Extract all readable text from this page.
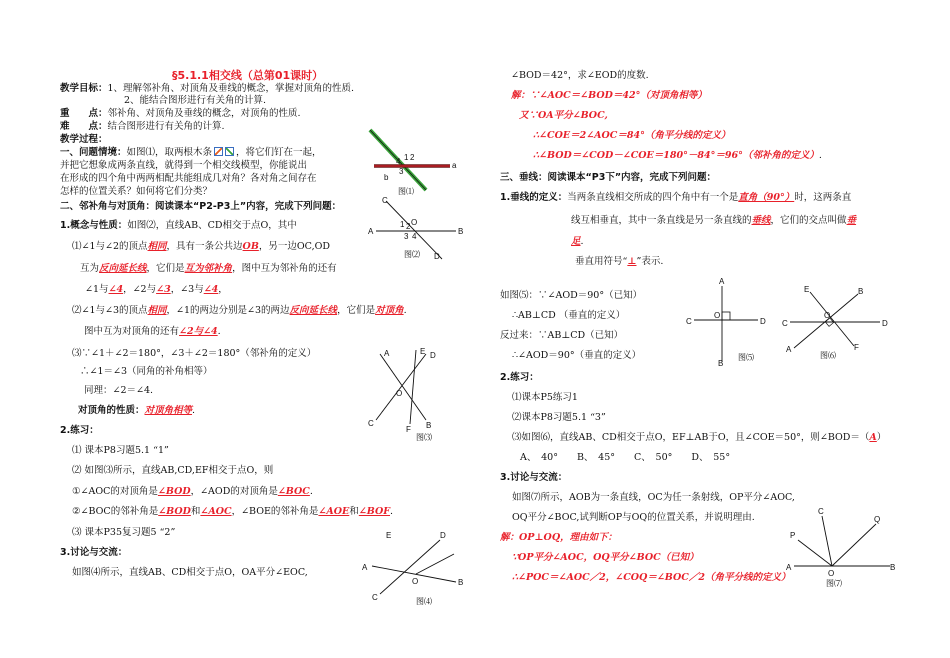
§5.1.1相交线（总第01课时）
教学目标：1、理解邻补角、对顶角及垂线的概念，掌握对顶角的性质.
2、能结合图形进行有关角的计算.
重　　点：邻补角、对顶角及垂线的概念，对顶角的性质.
难　　点：结合图形进行有关角的计算.
教学过程：
一、问题情境：如图⑴，取两根木条	，将它们钉在一起，
并把它想象成两条直线，就得到一个相交线模型，你能说出
在形成的四个角中两两相配共能组成几对角？各对角之间存在
怎样的位置关系？如何将它们分类？
二、邻补角与对顶角：阅读课本“P2-P3上”内容，完成下列问题：
1.概念与性质：如图⑵，直线AB、CD相交于点O，其中
⑴∠1与∠2的顶点相同，具有一条公共边OB，另一边OC,OD
互为反向延长线，它们是互为邻补角，图中互为邻补角的还有
∠1与∠4，∠2与∠3，∠3与∠4，
⑵∠1与∠3的顶点相同，∠1的两边分别是∠3的两边反向延长线，它们是对顶角.
图中互为对顶角的还有∠2与∠4.
⑶∵∠1＋∠2＝180°，∠3＋∠2＝180°（邻补角的定义）
∴∠1＝∠3（同角的补角相等）
同理：∠2＝∠4.
对顶角的性质：对顶角相等.
2.练习：
⑴ 课本P8习题5.1 “1”
⑵ 如图⑶所示，直线AB,CD,EF相交于点O，则
①∠AOC的对顶角是∠BOD，∠AOD的对顶角是∠BOC.
②∠BOC的邻补角是∠BOD和∠AOC，∠BOE的邻补角是∠AOE和∠BOF.
⑶ 课本P35复习题5 “2”
3.讨论与交流：
如图⑷所示，直线AB、CD相交于点O，OA平分∠EOC,
1 2
4
3
a
b
图⑴
C
A	B
D
O
2
1
3 4
图⑵
A	E D
O
C
F B
图⑶
E	D
A
O	B
C	图⑷
∠BOD＝42°，求∠EOD的度数.
解：∵∠AOC＝∠BOD＝42°（对顶角相等）
又∵OA平分∠BOC,
∴∠COE＝2∠AOC＝84°（角平分线的定义）
∴∠BOD＝∠COD－∠COE＝180°－84°＝96°（邻补角的定义）.
三、垂线：阅读课本“P3下”内容，完成下列问题：
1.垂线的定义：当两条直线相交所成的四个角中有一个是直角（90°）时，这两条直
线互相垂直，其中一条直线是另一条直线的垂线，它们的交点叫做垂
足.
垂直用符号“⊥”表示.
如图⑸：∵∠AOD＝90°（已知）
∴AB⊥CD （垂直的定义）
反过来：∵AB⊥CD（已知）
∴∠AOD＝90°（垂直的定义）
2.练习：
⑴课本P5练习1
⑵课本P8习题5.1 “3”
⑶如图⑹，直线AB、CD相交于点O，EF⊥AB于O，且∠COE＝50°，则∠BOD＝（A）
A、　40°　　B、　45°　　C、　50°　　D、　55°
3.讨论与交流：
如图⑺所示，AOB为一条直线，OC为任一条射线，OP平分∠AOC,
OQ平分∠BOC,试判断OP与OQ的位置关系，并说明理由.
解：OP⊥OQ，理由如下：
∵OP平分∠AOC，OQ平分∠BOC（已知）
∴∠POC＝∠AOC／2，∠COQ＝∠BOC／2（角平分线的定义）
A
C
O
D
B
图⑸
E	B
C
O
D
A	F
图⑹
C
Q
P
A
O
B
图⑺
